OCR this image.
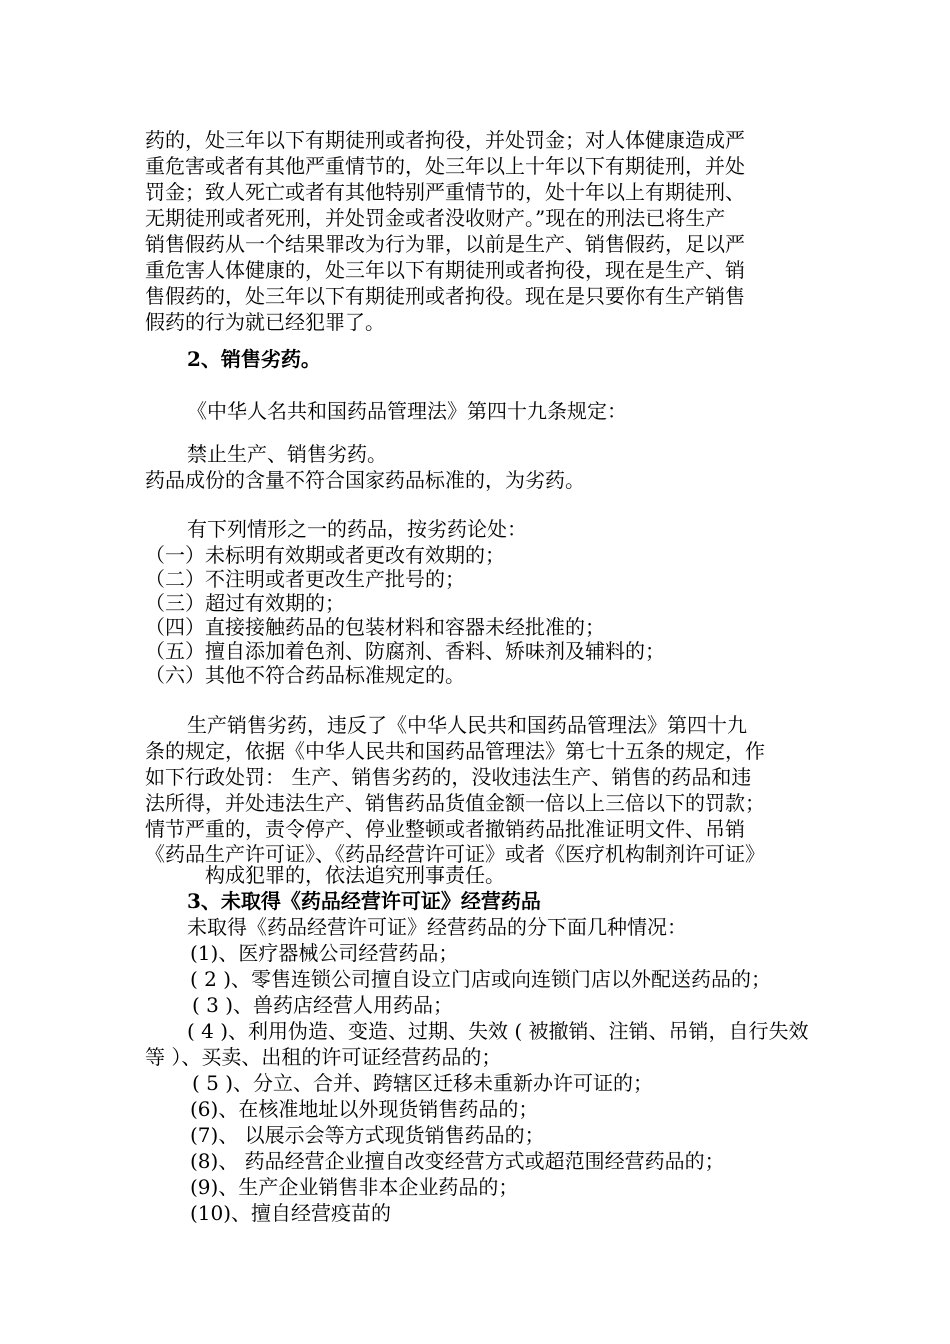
药的，处三年以下有期徒刑或者拘役，并处罚金；对人体健康造成严
重危害或者有其他严重情节的，处三年以上十年以下有期徒刑，并处
罚金；致人死亡或者有其他特别严重情节的，处十年以上有期徒刑、
无期徒刑或者死刑，并处罚金或者没收财产。”现在的刑法已将生产
销售假药从一个结果罪改为行为罪，以前是生产、销售假药，足以严
重危害人体健康的，处三年以下有期徒刑或者拘役，现在是生产、销
售假药的，处三年以下有期徒刑或者拘役。现在是只要你有生产销售
假药的行为就已经犯罪了。
2、销售劣药。
《中华人名共和国药品管理法》第四十九条规定：
禁止生产、销售劣药。
药品成份的含量不符合国家药品标准的，为劣药。
有下列情形之一的药品，按劣药论处：
（一）未标明有效期或者更改有效期的；
（二）不注明或者更改生产批号的；
（三）超过有效期的；
（四）直接接触药品的包装材料和容器未经批准的；
（五）擅自添加着色剂、防腐剂、香料、矫味剂及辅料的；
（六）其他不符合药品标准规定的。
生产销售劣药，违反了《中华人民共和国药品管理法》第四十九
条的规定，依据《中华人民共和国药品管理法》第七十五条的规定，作
如下行政处罚： 生产、销售劣药的，没收违法生产、销售的药品和违
法所得，并处违法生产、销售药品货值金额一倍以上三倍以下的罚款；
情节严重的，责令停产、停业整顿或者撤销药品批准证明文件、吊销
《药品生产许可证》、《药品经营许可证》或者《医疗机构制剂许可证》
构成犯罪的，依法追究刑事责任。
3、未取得《药品经营许可证》经营药品
未取得《药品经营许可证》经营药品的分下面几种情况：
(1)、医疗器械公司经营药品；
( 2 )、零售连锁公司擅自设立门店或向连锁门店以外配送药品的；
( 3 )、兽药店经营人用药品；
( 4 )、利用伪造、变造、过期、失效 ( 被撤销、注销、吊销，自行失效
等 ）、买卖、出租的许可证经营药品的；
( 5 )、分立、合并、跨辖区迁移未重新办许可证的；
(6)、在核准地址以外现货销售药品的；
(7)、 以展示会等方式现货销售药品的；
(8)、 药品经营企业擅自改变经营方式或超范围经营药品的；
(9)、生产企业销售非本企业药品的；
(10)、擅自经营疫苗的
